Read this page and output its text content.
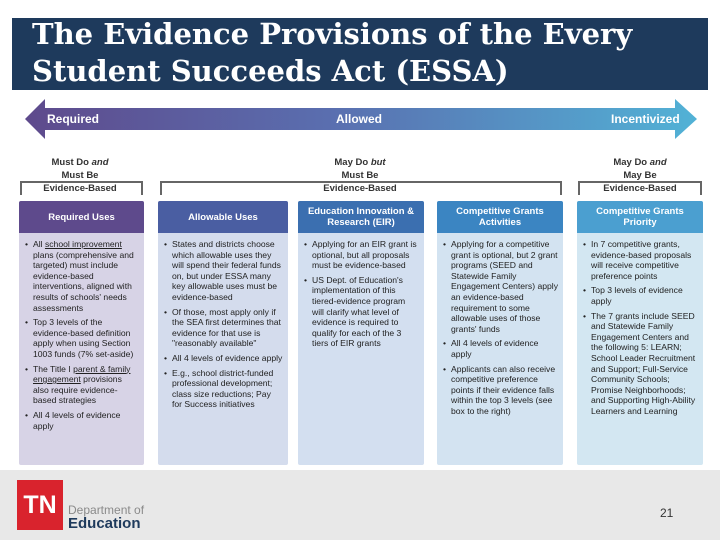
The Evidence Provisions of the Every
Student Succeeds Act (ESSA)
Required	Allowed	Incentivized
Must Do and
Must Be
Evidence-Based
May Do but
Must Be
Evidence-Based
May Do and
May Be
Evidence-Based
Required Uses
• All school improvement plans (comprehensive and targeted) must include evidence-based interventions, aligned with results of schools' needs assessments
• Top 3 levels of the evidence-based definition apply when using Section 1003 funds (7% set-aside)
• The Title I parent & family engagement provisions also require evidence-based strategies
• All 4 levels of evidence apply
Allowable Uses
• States and districts choose which allowable uses they will spend their federal funds on, but under ESSA many key allowable uses must be evidence-based
• Of those, most apply only if the SEA first determines that evidence for that use is "reasonably available"
• All 4 levels of evidence apply
• E.g., school district-funded professional development; class size reductions; Pay for Success initiatives
Education Innovation & Research (EIR)
• Applying for an EIR grant is optional, but all proposals must be evidence-based
• US Dept. of Education's implementation of this tiered-evidence program will clarify what level of evidence is required to qualify for each of the 3 tiers of EIR grants
Competitive Grants Activities
• Applying for a competitive grant is optional, but 2 grant programs (SEED and Statewide Family Engagement Centers) apply an evidence-based requirement to some allowable uses of those grants' funds
• All 4 levels of evidence apply
• Applicants can also receive competitive preference points if their evidence falls within the top 3 levels (see box to the right)
Competitive Grants Priority
• In 7 competitive grants, evidence-based proposals will receive competitive preference points
• Top 3 levels of evidence apply
• The 7 grants include SEED and Statewide Family Engagement Centers and the following 5: LEARN; School Leader Recruitment and Support; Full-Service Community Schools; Promise Neighborhoods; and Supporting High-Ability Learners and Learning
TN Department of
Education
21
